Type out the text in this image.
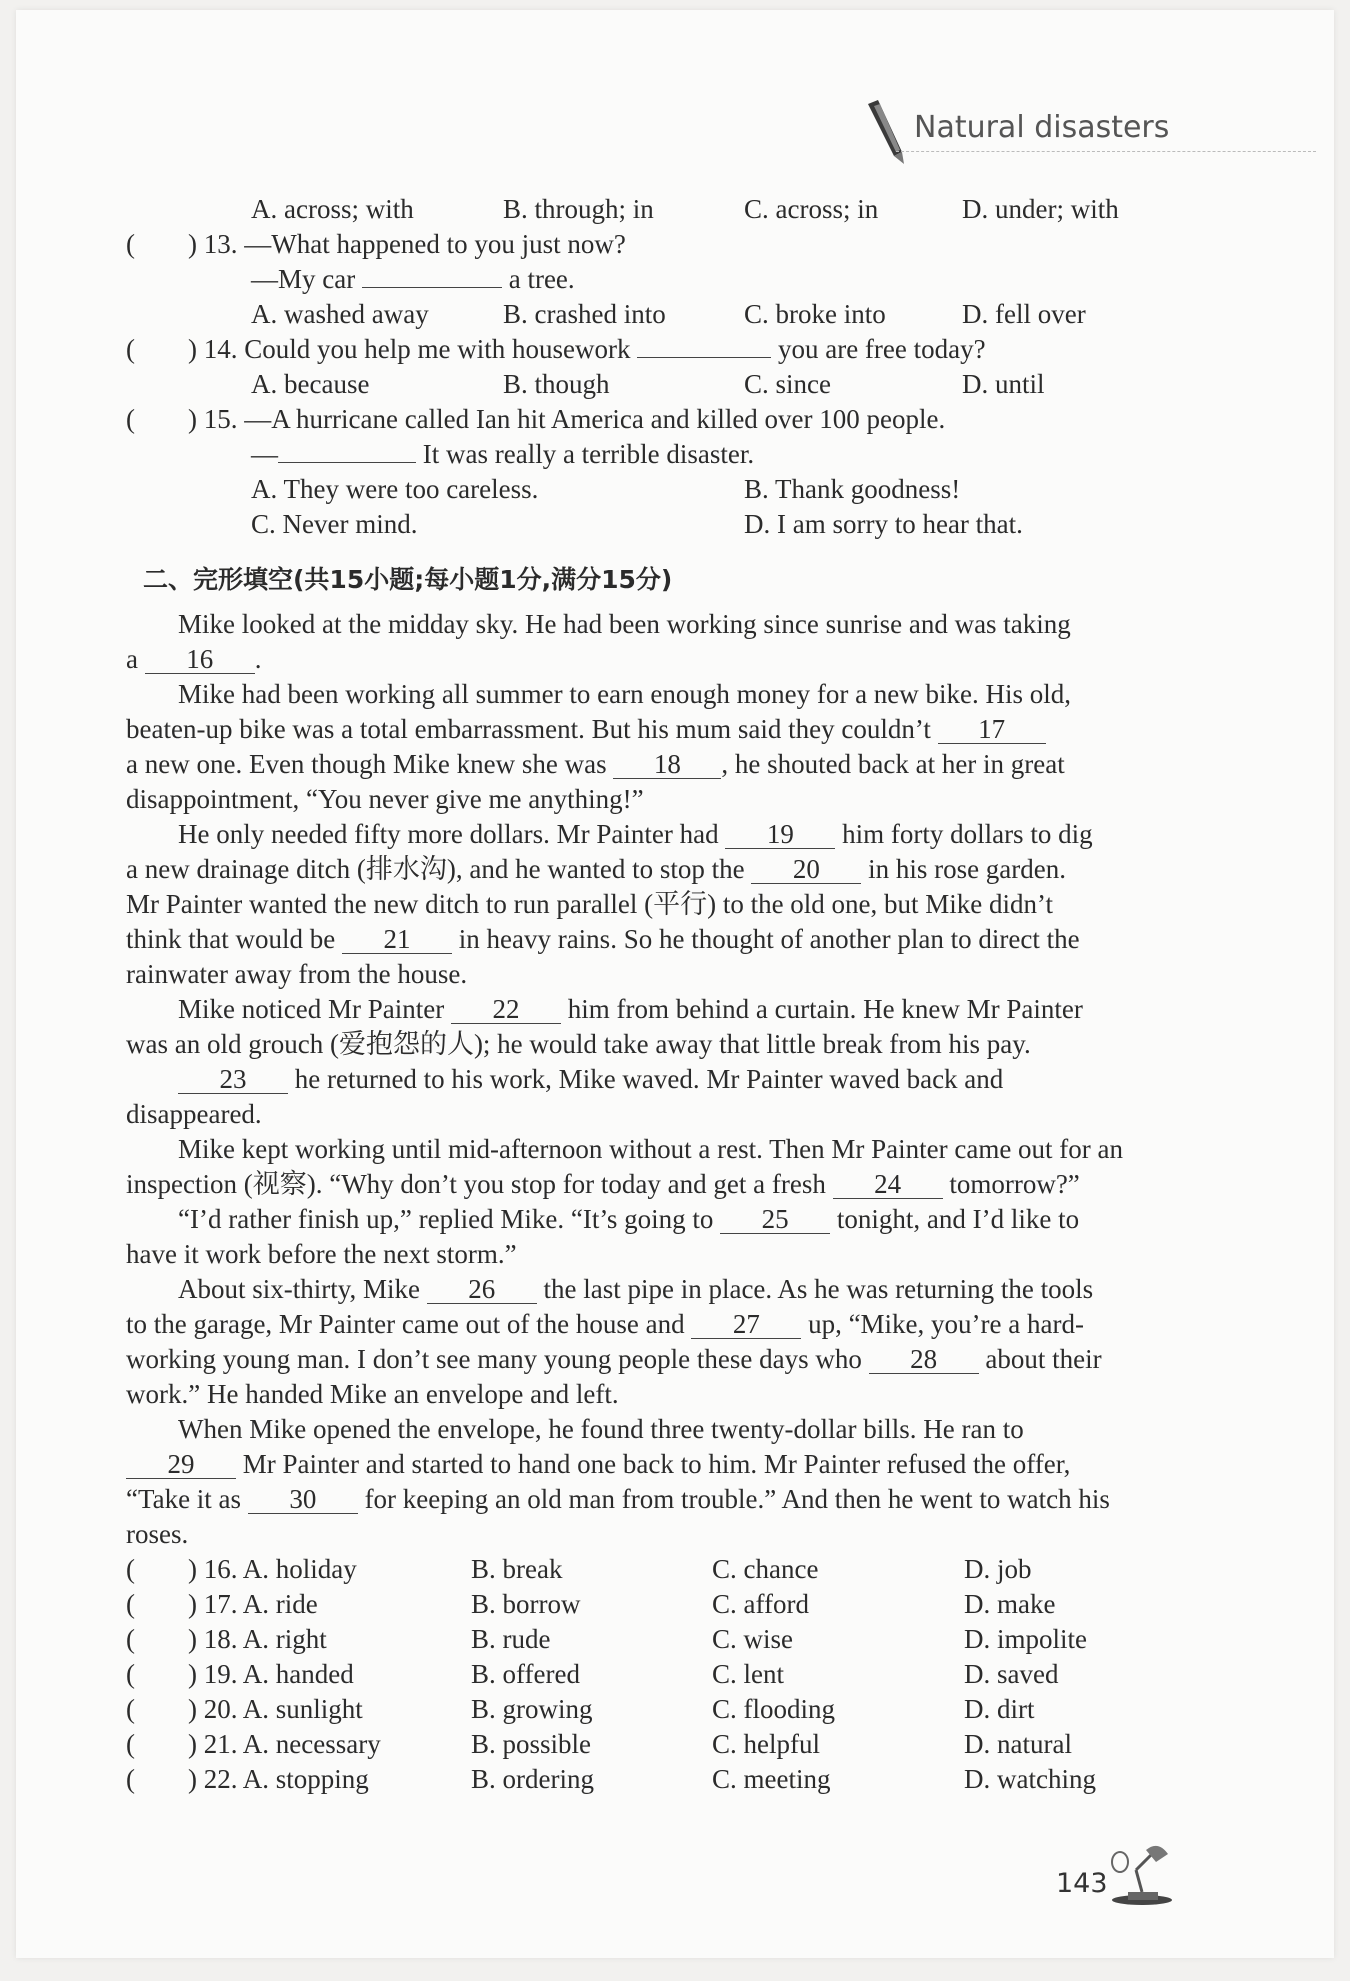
Natural disasters
A. across; with	B. through; in	C. across; in	D. under; with
( ) 13. —What happened to you just now?
—My car	a tree.
A. washed away	B. crashed into	C. broke into	D. fell over
( ) 14. Could you help me with housework	you are free today?
A. because	B. though	C. since	D. until
( ) 15. —A hurricane called Ian hit America and killed over 100 people.
—	It was really a terrible disaster.
A. They were too careless.	B. Thank goodness!
C. Never mind.	D. I am sorry to hear that.
二、完形填空(共15小题;每小题1分,满分15分)
Mike looked at the midday sky. He had been working since sunrise and was taking
a 16 .
Mike had been working all summer to earn enough money for a new bike. His old,
beaten-up bike was a total embarrassment. But his mum said they couldn’t 17
a new one. Even though Mike knew she was 18 , he shouted back at her in great
disappointment, “You never give me anything!”
He only needed fifty more dollars. Mr Painter had 19 him forty dollars to dig
a new drainage ditch (排水沟), and he wanted to stop the 20 in his rose garden.
Mr Painter wanted the new ditch to run parallel (平行) to the old one, but Mike didn’t
think that would be 21 in heavy rains. So he thought of another plan to direct the
rainwater away from the house.
Mike noticed Mr Painter 22 him from behind a curtain. He knew Mr Painter
was an old grouch (爱抱怨的人); he would take away that little break from his pay.
23 he returned to his work, Mike waved. Mr Painter waved back and
disappeared.
Mike kept working until mid-afternoon without a rest. Then Mr Painter came out for an
inspection (视察). “Why don’t you stop for today and get a fresh 24 tomorrow?”
“I’d rather finish up,” replied Mike. “It’s going to 25 tonight, and I’d like to
have it work before the next storm.”
About six-thirty, Mike 26 the last pipe in place. As he was returning the tools
to the garage, Mr Painter came out of the house and 27 up, “Mike, you’re a hard-
working young man. I don’t see many young people these days who 28 about their
work.” He handed Mike an envelope and left.
When Mike opened the envelope, he found three twenty-dollar bills. He ran to
29 Mr Painter and started to hand one back to him. Mr Painter refused the offer,
“Take it as 30 for keeping an old man from trouble.” And then he went to watch his
roses.
( ) 16. A. holiday	B. break	C. chance	D. job
( ) 17. A. ride	B. borrow	C. afford	D. make
( ) 18. A. right	B. rude	C. wise	D. impolite
( ) 19. A. handed	B. offered	C. lent	D. saved
( ) 20. A. sunlight	B. growing	C. flooding	D. dirt
( ) 21. A. necessary	B. possible	C. helpful	D. natural
( ) 22. A. stopping	B. ordering	C. meeting	D. watching
143
